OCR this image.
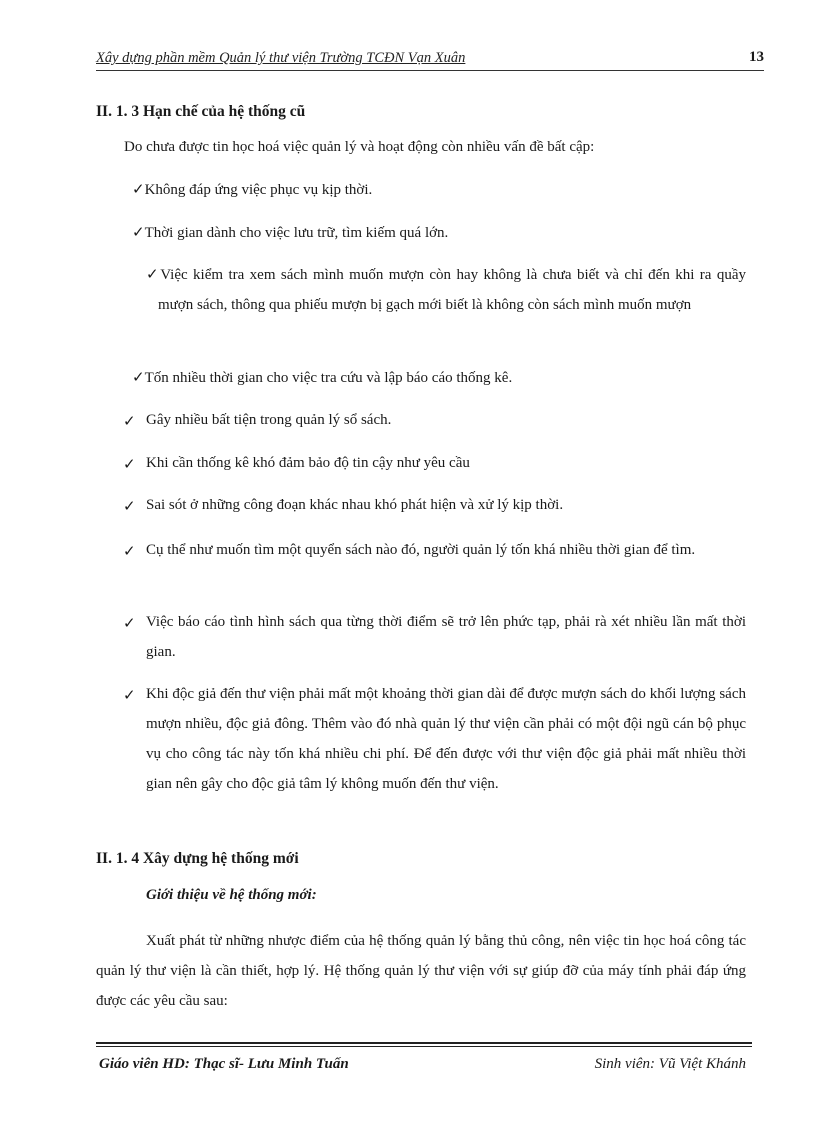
Xây dựng phần mềm Quản lý thư viện Trường TCĐN Vạn Xuân	13
II. 1. 3 Hạn chế của hệ thống cũ
Do chưa được tin học hoá việc quản lý và hoạt động còn nhiều vấn đề bất cập:
✓Không đáp ứng việc phục vụ kịp thời.
✓Thời gian dành cho việc lưu trữ, tìm kiếm quá lớn.
✓Việc kiểm tra xem sách mình muốn mượn còn hay không là chưa biết và chỉ đến khi ra quầy mượn sách, thông qua phiếu mượn bị gạch mới biết là không còn sách mình muốn mượn
✓Tốn nhiều thời gian cho việc tra cứu và lập báo cáo thống kê.
✓ Gây nhiều bất tiện trong quản lý sổ sách.
✓ Khi cần thống kê khó đảm bảo độ tin cậy như yêu cầu
✓ Sai sót ở những công đoạn khác nhau khó phát hiện và xử lý kịp thời.
✓ Cụ thể như muốn tìm một quyển sách nào đó, người quản lý tốn khá nhiều thời gian để tìm.
✓ Việc báo cáo tình hình sách qua từng thời điểm sẽ trở lên phức tạp, phải rà xét nhiều lần mất thời gian.
✓ Khi độc giả đến thư viện phải mất một khoảng thời gian dài để được mượn sách do khối lượng sách mượn nhiều, độc giả đông. Thêm vào đó nhà quản lý thư viện cần phải có một đội ngũ cán bộ phục vụ cho công tác này tốn khá nhiều chi phí. Để đến được với thư viện độc giả phải mất nhiều thời gian nên gây cho độc giả tâm lý không muốn đến thư viện.
II. 1. 4 Xây dựng hệ thống mới
Giới thiệu về hệ thống mới:
Xuất phát từ những nhược điểm của hệ thống quản lý bằng thủ công, nên việc tin học hoá công tác quản lý thư viện là cần thiết, hợp lý. Hệ thống quản lý thư viện với sự giúp đỡ của máy tính phải đáp ứng được các yêu cầu sau:
Giáo viên HD: Thạc sĩ- Lưu Minh Tuấn	Sinh viên: Vũ Việt Khánh
